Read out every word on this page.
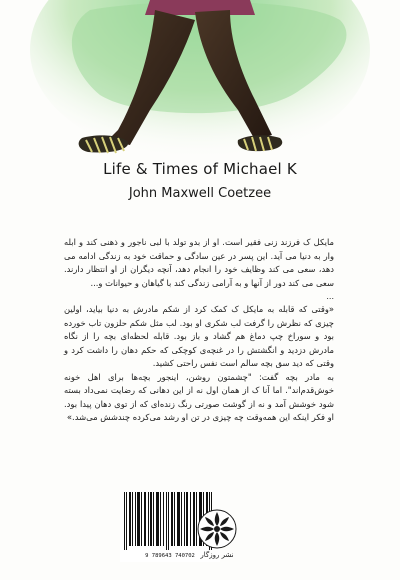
Life & Times of Michael K
John Maxwell Coetzee

مایکل ک فرزند زنی فقیر است. او از بدو تولد با لبی ناجور و ذهنی کند و ابله وار به دنیا می آید. این پسر در عین سادگی و حماقت خود به زندگی ادامه می دهد، سعی می کند وظایف خود را انجام دهد، آنچه دیگران از او انتظار دارند. سعی می کند دور از آنها و به آرامی زندگی کند با گیاهان و حیوانات و...

...

«وقتی که قابله به مایکل ک کمک کرد از شکم مادرش به دنیا بیاید، اولین چیزی که نظرش را گرفت لب شکری او بود. لب مثل شکم حلزون تاب خورده بود و سوراخ چپ دماغ هم گشاد و باز بود. قابله لحظه‌ای بچه را از نگاه مادرش دزدید و انگشتش را در غنچه‌ی کوچکی که حکم دهان را داشت کرد و وقتی که دید سق بچه سالم است نفس راحتی کشید.

به مادر بچه گفت: "چشمتون روشن، اینجور بچه‌ها برای اهل خونه خوش‌قدم‌اند". اما آنا ک از همان اول نه از این دهانی که رضایت نمی‌داد بسته شود خوشش آمد و نه از گوشت صورتی رنگ زنده‌ای که از توی دهان پیدا بود. او فکر اینکه این همه‌وقت چه چیزی در تن او رشد می‌کرده چندشش می‌شد.»

9 789643 740702 نشر روزگار
